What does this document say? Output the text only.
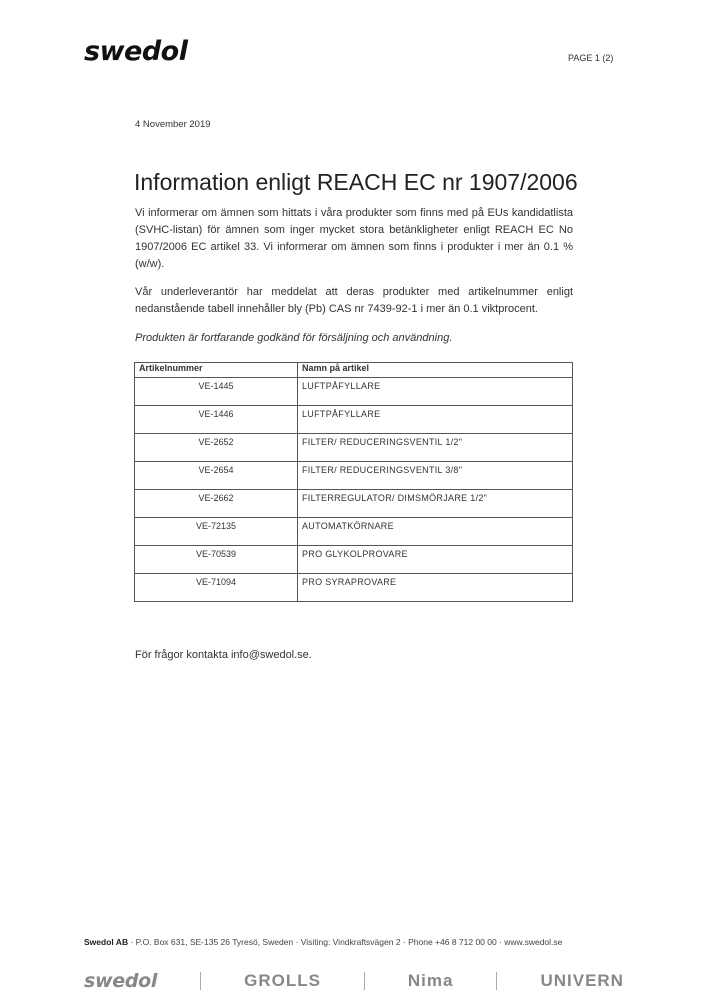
swedol	PAGE 1 (2)
4 November 2019
Information enligt REACH EC nr 1907/2006
Vi informerar om ämnen som hittats i våra produkter som finns med på EUs kandidatlista (SVHC-listan) för ämnen som inger mycket stora betänkligheter enligt REACH EC No 1907/2006 EC artikel 33. Vi informerar om ämnen som finns i produkter i mer än 0.1 % (w/w).
Vår underleverantör har meddelat att deras produkter med artikelnummer enligt nedanstående tabell innehåller bly (Pb) CAS nr 7439-92-1 i mer än 0.1 viktprocent.
Produkten är fortfarande godkänd för försäljning och användning.
Artikelnummer	Namn på artikel
VE-1445	LUFTPÅFYLLARE
VE-1446	LUFTPÅFYLLARE
VE-2652	FILTER/ REDUCERINGSVENTIL 1/2"
VE-2654	FILTER/ REDUCERINGSVENTIL 3/8"
VE-2662	FILTERREGULATOR/ DIMSMÖRJARE 1/2"
VE-72135	AUTOMATKÖRNARE
VE-70539	PRO GLYKOLPROVARE
VE-71094	PRO SYRAPROVARE
För frågor kontakta info@swedol.se.
Swedol AB · P.O. Box 631, SE-135 26 Tyresö, Sweden · Visiting: Vindkraftsvägen 2 · Phone +46 8 712 00 00 · www.swedol.se
swedol	GROLLS	Nima	UNIVERN
